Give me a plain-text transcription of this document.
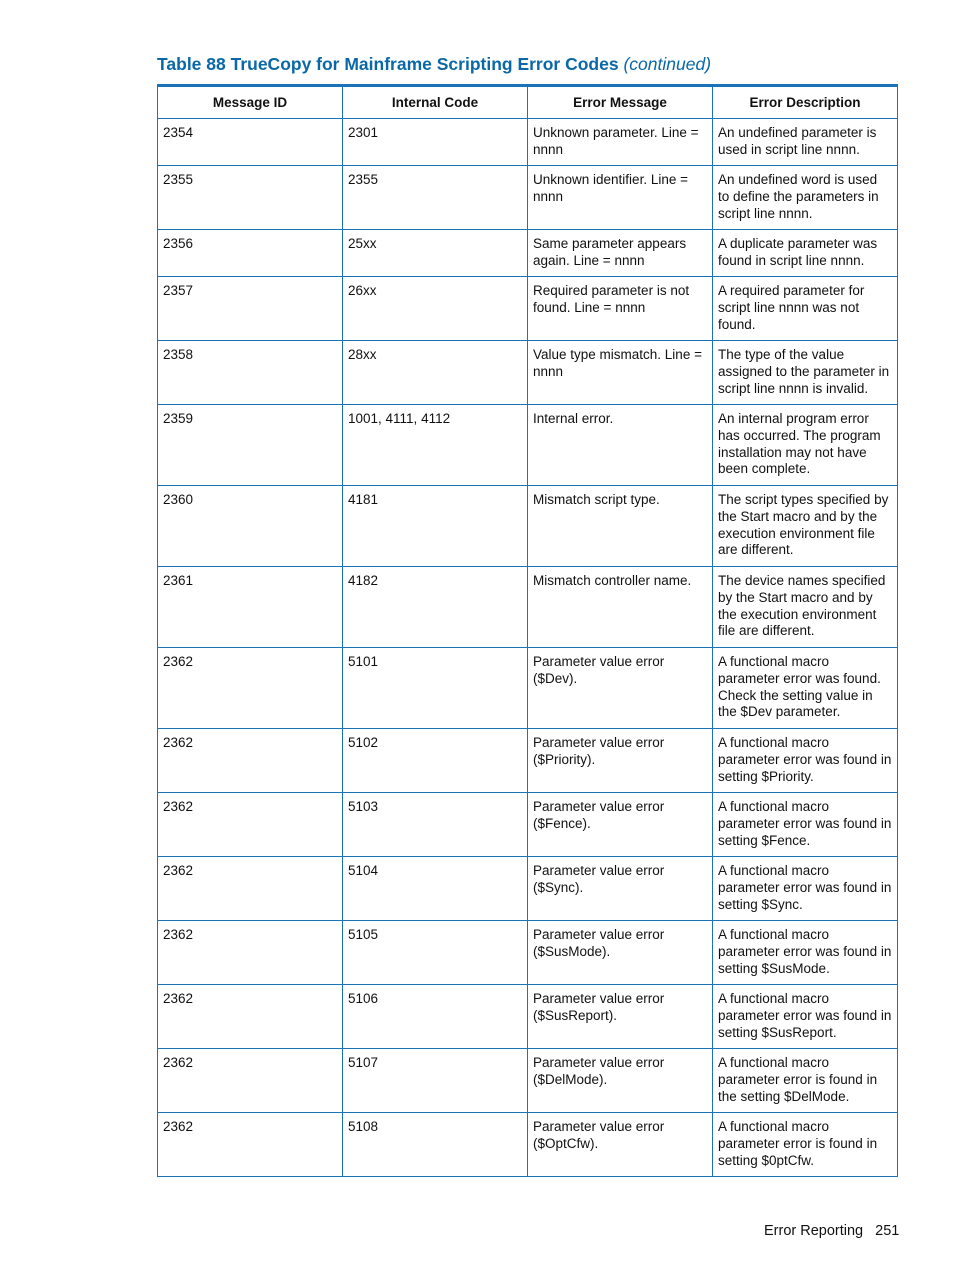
Table 88 TrueCopy for Mainframe Scripting Error Codes (continued)
Message ID	Internal Code	Error Message	Error Description
2354	2301	Unknown parameter. Line = nnnn	An undefined parameter is used in script line nnnn.
2355	2355	Unknown identifier. Line = nnnn	An undefined word is used to define the parameters in script line nnnn.
2356	25xx	Same parameter appears again. Line = nnnn	A duplicate parameter was found in script line nnnn.
2357	26xx	Required parameter is not found. Line = nnnn	A required parameter for script line nnnn was not found.
2358	28xx	Value type mismatch. Line = nnnn	The type of the value assigned to the parameter in script line nnnn is invalid.
2359	1001, 4111, 4112	Internal error.	An internal program error has occurred. The program installation may not have been complete.
2360	4181	Mismatch script type.	The script types specified by the Start macro and by the execution environment file are different.
2361	4182	Mismatch controller name.	The device names specified by the Start macro and by the execution environment file are different.
2362	5101	Parameter value error ($Dev).	A functional macro parameter error was found. Check the setting value in the $Dev parameter.
2362	5102	Parameter value error ($Priority).	A functional macro parameter error was found in setting $Priority.
2362	5103	Parameter value error ($Fence).	A functional macro parameter error was found in setting $Fence.
2362	5104	Parameter value error ($Sync).	A functional macro parameter error was found in setting $Sync.
2362	5105	Parameter value error ($SusMode).	A functional macro parameter error was found in setting $SusMode.
2362	5106	Parameter value error ($SusReport).	A functional macro parameter error was found in setting $SusReport.
2362	5107	Parameter value error ($DelMode).	A functional macro parameter error is found in the setting $DelMode.
2362	5108	Parameter value error ($OptCfw).	A functional macro parameter error is found in setting $0ptCfw.
Error Reporting 251
